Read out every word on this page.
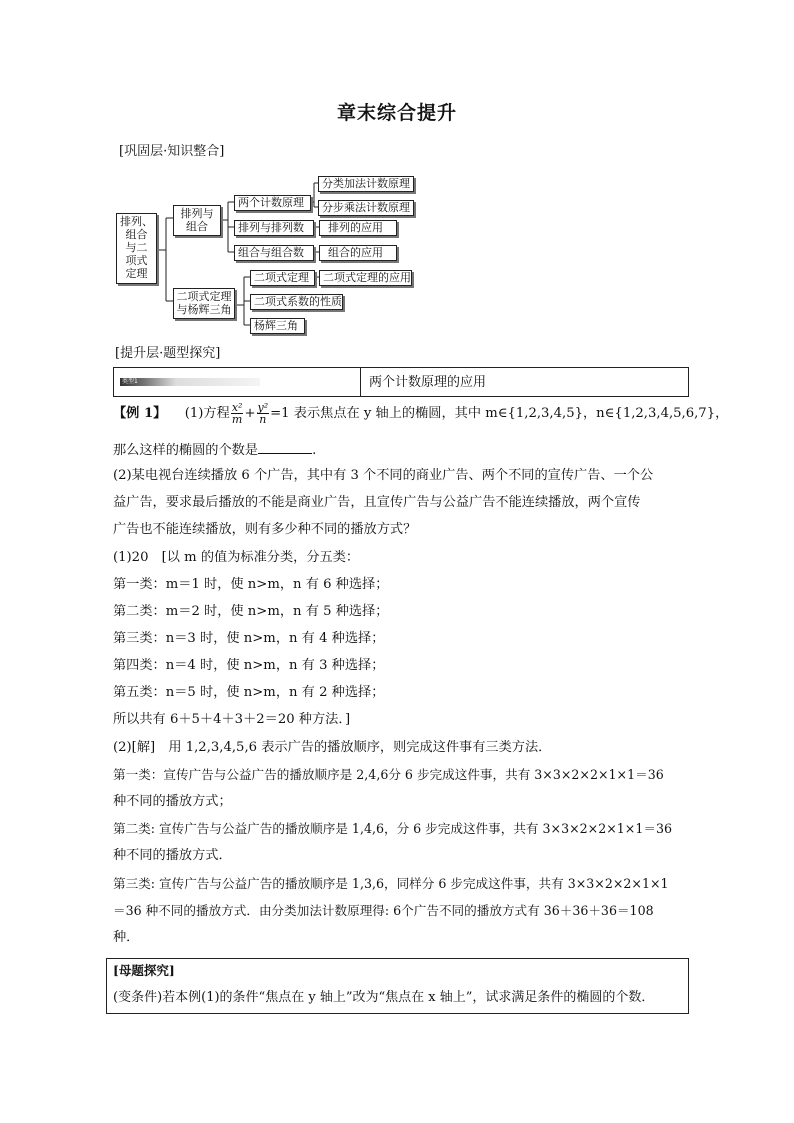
章末综合提升
[巩固层·知识整合]
排列、
组合
与二
项式
定理
排列与
组合
二项式定理
与杨辉三角
两个计数原理
排列与排列数
组合与组合数
分类加法计数原理
分步乘法计数原理
排列的应用
组合的应用
二项式定理	二项式定理的应用
二项式系数的性质
杨辉三角
[提升层·题型探究]
类型1	两个计数原理的应用
【例 1】 (1)方程 $\frac{\text{x²}}{m} + \frac{\text{y²}}{n} =1$ 表示焦点在 y 轴上的椭圆，其中 m∈{1,2,3,4,5}，n∈{1,2,3,4,5,6,7}，
那么这样的椭圆的个数是	.
(2)某电视台连续播放 6 个广告，其中有 3 个不同的商业广告、两个不同的宣传广告、一个公
益广告，要求最后播放的不能是商业广告，且宣传广告与公益广告不能连续播放，两个宣传
广告也不能连续播放，则有多少种不同的播放方式？
(1)20　[以 m 的值为标准分类，分五类：
第一类：m＝1 时，使 n>m，n 有 6 种选择；
第二类：m＝2 时，使 n>m，n 有 5 种选择；
第三类：n＝3 时，使 n>m，n 有 4 种选择；
第四类：n＝4 时，使 n>m，n 有 3 种选择；
第五类：n＝5 时，使 n>m，n 有 2 种选择；
所以共有 6＋5＋4＋3＋2＝20 种方法．]
(2)[解]　用 1,2,3,4,5,6 表示广告的播放顺序，则完成这件事有三类方法．
第一类：宣传广告与公益广告的播放顺序是 2,4,6分 6 步完成这件事，共有 3×3×2×2×1×1＝36
种不同的播放方式；
第二类: 宣传广告与公益广告的播放顺序是 1,4,6，分 6 步完成这件事，共有 3×3×2×2×1×1＝36
种不同的播放方式．
第三类: 宣传广告与公益广告的播放顺序是 1,3,6，同样分 6 步完成这件事，共有 3×3×2×2×1×1
＝36 种不同的播放方式．由分类加法计数原理得: 6个广告不同的播放方式有 36＋36＋36＝108
种．
[母题探究]
(变条件)若本例(1)的条件“焦点在 y 轴上”改为“焦点在 x 轴上”，试求满足条件的椭圆的个数．
